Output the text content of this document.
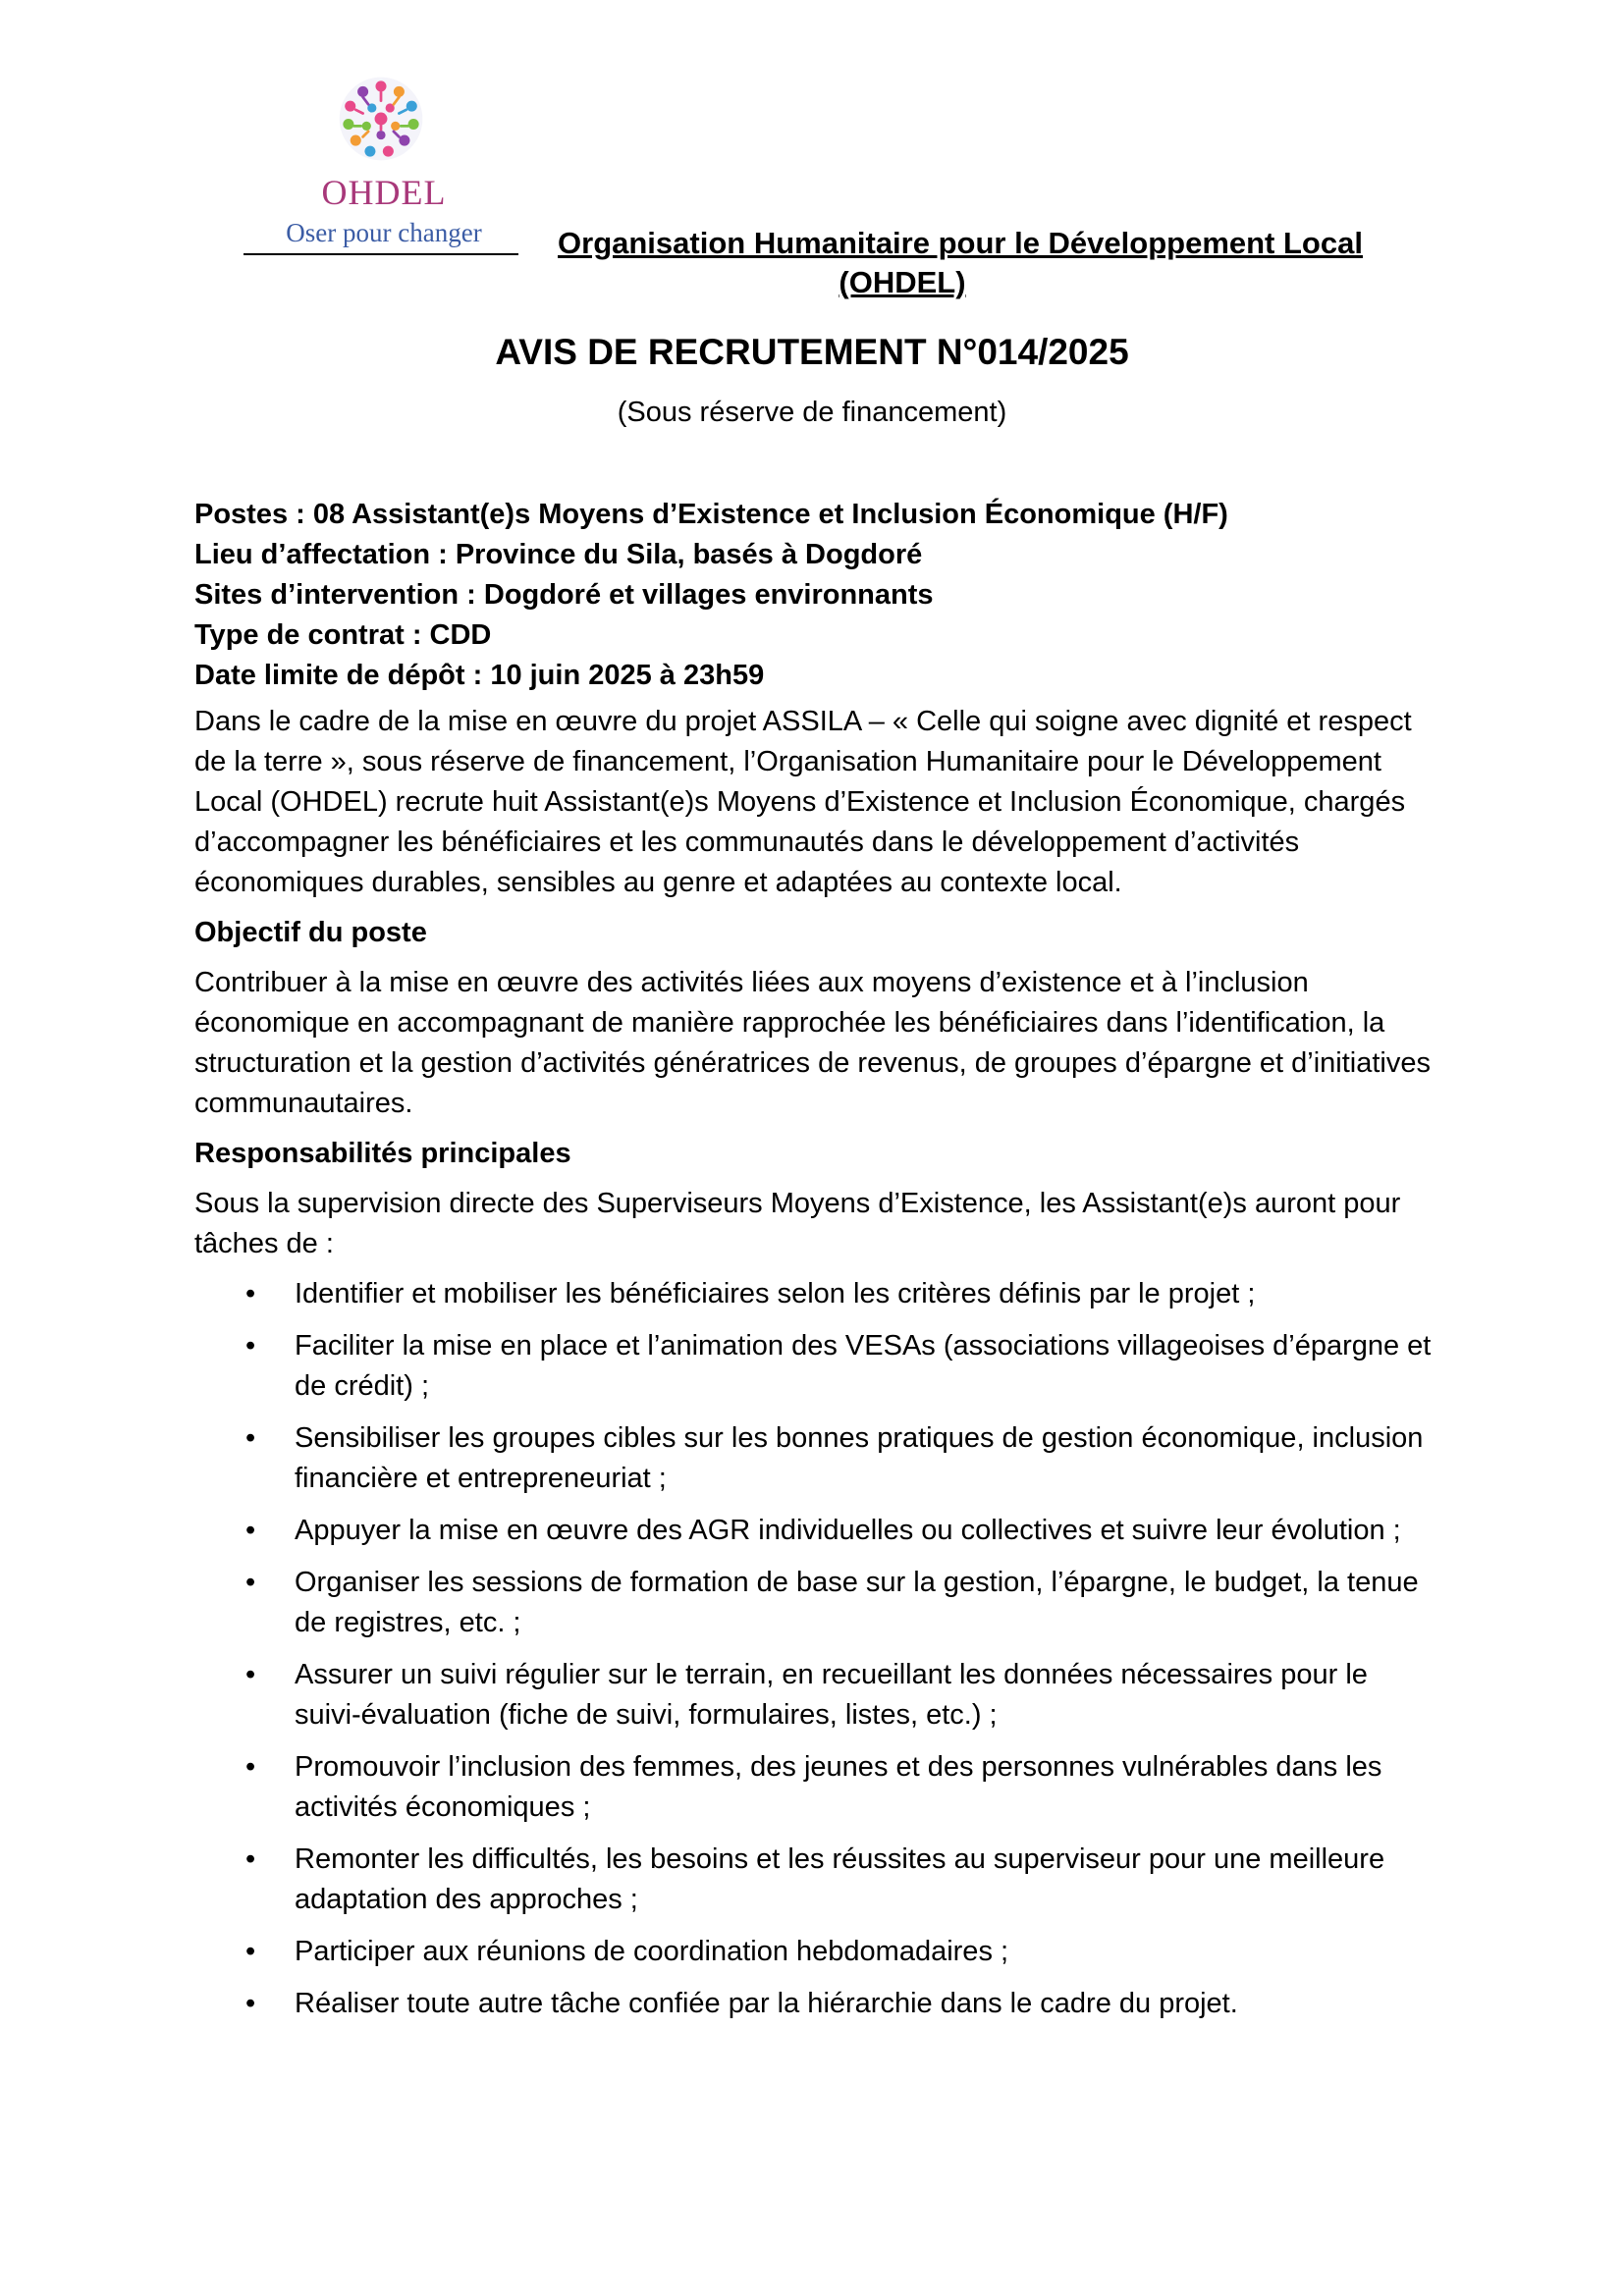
OHDEL
Oser pour changer	Organisation Humanitaire pour le Développement Local
(OHDEL)
AVIS DE RECRUTEMENT N°014/2025
(Sous réserve de financement)
Postes : 08 Assistant(e)s Moyens d’Existence et Inclusion Économique (H/F)
Lieu d’affectation : Province du Sila, basés à Dogdoré
Sites d’intervention : Dogdoré et villages environnants
Type de contrat : CDD
Date limite de dépôt : 10 juin 2025 à 23h59

Dans le cadre de la mise en œuvre du projet ASSILA – « Celle qui soigne avec dignité et respect de la terre », sous réserve de financement, l’Organisation Humanitaire pour le Développement Local (OHDEL) recrute huit Assistant(e)s Moyens d’Existence et Inclusion Économique, chargés d’accompagner les bénéficiaires et les communautés dans le développement d’activités économiques durables, sensibles au genre et adaptées au contexte local.

Objectif du poste

Contribuer à la mise en œuvre des activités liées aux moyens d’existence et à l’inclusion économique en accompagnant de manière rapprochée les bénéficiaires dans l’identification, la structuration et la gestion d’activités génératrices de revenus, de groupes d’épargne et d’initiatives communautaires.

Responsabilités principales

Sous la supervision directe des Superviseurs Moyens d’Existence, les Assistant(e)s auront pour tâches de :

• Identifier et mobiliser les bénéficiaires selon les critères définis par le projet ;
• Faciliter la mise en place et l’animation des VESAs (associations villageoises d’épargne et de crédit) ;
• Sensibiliser les groupes cibles sur les bonnes pratiques de gestion économique, inclusion financière et entrepreneuriat ;
• Appuyer la mise en œuvre des AGR individuelles ou collectives et suivre leur évolution ;
• Organiser les sessions de formation de base sur la gestion, l’épargne, le budget, la tenue de registres, etc. ;
• Assurer un suivi régulier sur le terrain, en recueillant les données nécessaires pour le suivi-évaluation (fiche de suivi, formulaires, listes, etc.) ;
• Promouvoir l’inclusion des femmes, des jeunes et des personnes vulnérables dans les activités économiques ;
• Remonter les difficultés, les besoins et les réussites au superviseur pour une meilleure adaptation des approches ;
• Participer aux réunions de coordination hebdomadaires ;
• Réaliser toute autre tâche confiée par la hiérarchie dans le cadre du projet.
